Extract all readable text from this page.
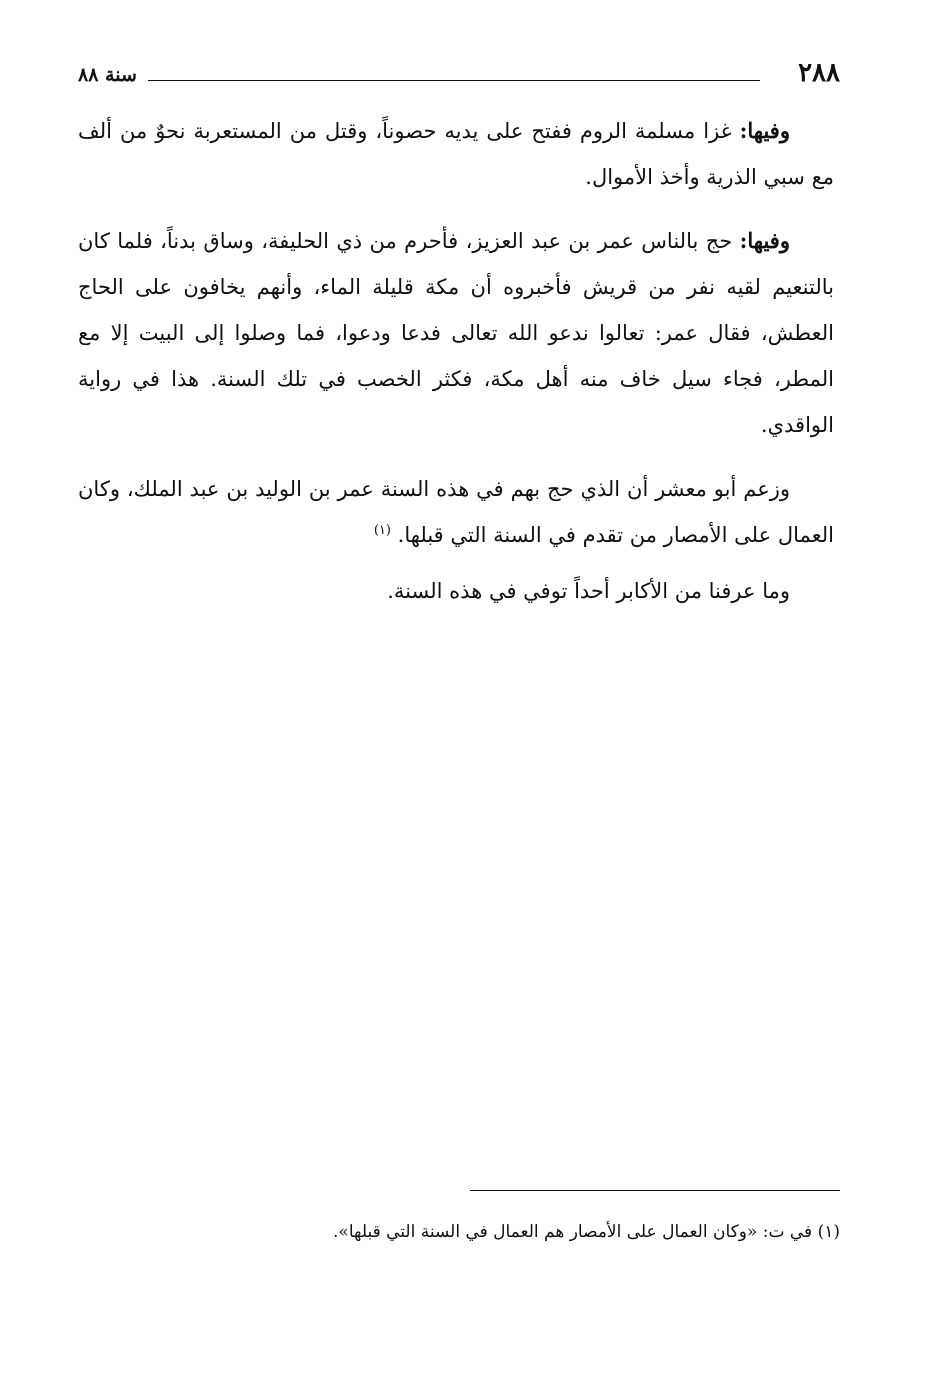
٢٨٨
سنة ٨٨

وفيها: غزا مسلمة الروم ففتح على يديه حصوناً، وقتل من المستعربة نحوٌ من ألف مع سبي الذرية وأخذ الأموال.

وفيها: حج بالناس عمر بن عبد العزيز، فأحرم من ذي الحليفة، وساق بدناً، فلما كان بالتنعيم لقيه نفر من قريش فأخبروه أن مكة قليلة الماء، وأنهم يخافون على الحاج العطش، فقال عمر: تعالوا ندعو الله تعالى فدعا ودعوا، فما وصلوا إلى البيت إلا مع المطر، فجاء سيل خاف منه أهل مكة، فكثر الخصب في تلك السنة. هذا في رواية الواقدي.

وزعم أبو معشر أن الذي حج بهم في هذه السنة عمر بن الوليد بن عبد الملك، وكان العمال على الأمصار من تقدم في السنة التي قبلها. $^{(١)}$

وما عرفنا من الأكابر أحداً توفي في هذه السنة.

(١) في ت: «وكان العمال على الأمصار هم العمال في السنة التي قبلها».
